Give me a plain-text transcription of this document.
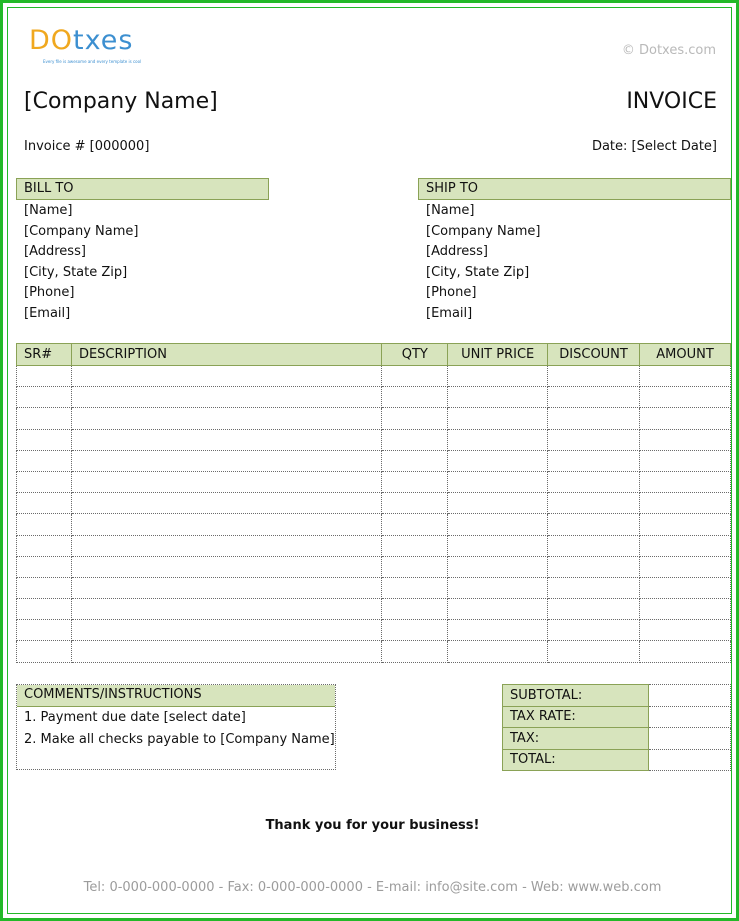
DOtxes
Every file is awesome and every template is cool
© Dotxes.com
[Company Name]	INVOICE
Invoice # [000000]	Date: [Select Date]
BILL TO
[Name]
[Company Name]
[Address]
[City, State Zip]
[Phone]
[Email]
SHIP TO
[Name]
[Company Name]
[Address]
[City, State Zip]
[Phone]
[Email]
SR#	DESCRIPTION	QTY	UNIT PRICE	DISCOUNT	AMOUNT

COMMENTS/INSTRUCTIONS
1. Payment due date [select date]
2. Make all checks payable to [Company Name]
SUBTOTAL:	
TAX RATE:	
TAX:	
TOTAL:	
Thank you for your business!
Tel: 0-000-000-0000 - Fax: 0-000-000-0000 - E-mail: info@site.com - Web: www.web.com
